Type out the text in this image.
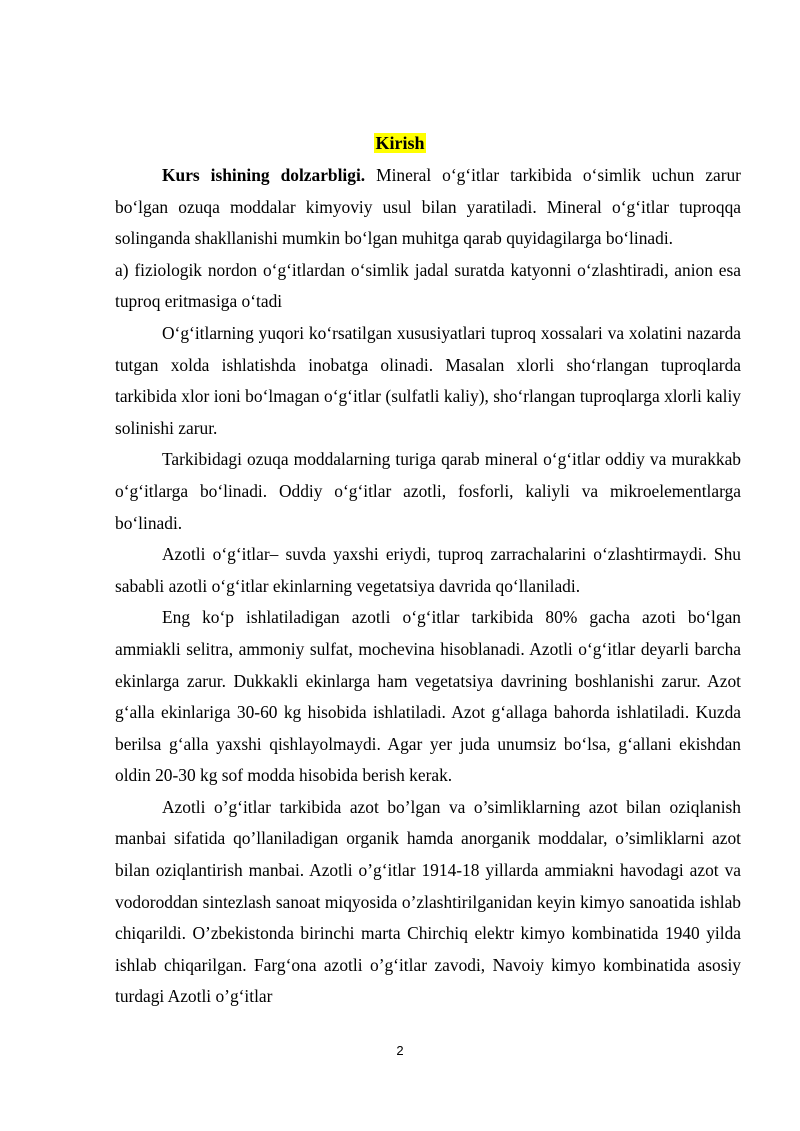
Kirish

Kurs ishining dolzarbligi. Mineral o‘g‘itlar tarkibida o‘simlik uchun zarur bo‘lgan ozuqa moddalar kimyoviy usul bilan yaratiladi. Mineral o‘g‘itlar tuproqqa solinganda shakllanishi mumkin bo‘lgan muhitga qarab quyidagilarga bo‘linadi.

a) fiziologik nordon o‘g‘itlardan o‘simlik jadal suratda katyonni o‘zlashtiradi, anion esa tuproq eritmasiga o‘tadi

O‘g‘itlarning yuqori ko‘rsatilgan xususiyatlari tuproq xossalari va xolatini nazarda tutgan xolda ishlatishda inobatga olinadi. Masalan xlorli sho‘rlangan tuproqlarda tarkibida xlor ioni bo‘lmagan o‘g‘itlar (sulfatli kaliy), sho‘rlangan tuproqlarga xlorli kaliy solinishi zarur.

Tarkibidagi ozuqa moddalarning turiga qarab mineral o‘g‘itlar oddiy va murakkab o‘g‘itlarga bo‘linadi. Oddiy o‘g‘itlar azotli, fosforli, kaliyli va mikroelementlarga bo‘linadi.

Azotli o‘g‘itlar– suvda yaxshi eriydi, tuproq zarrachalarini o‘zlashtirmaydi. Shu sababli azotli o‘g‘itlar ekinlarning vegetatsiya davrida qo‘llaniladi.

Eng ko‘p ishlatiladigan azotli o‘g‘itlar tarkibida 80% gacha azoti bo‘lgan ammiakli selitra, ammoniy sulfat, mochevina hisoblanadi. Azotli o‘g‘itlar deyarli barcha ekinlarga zarur. Dukkakli ekinlarga ham vegetatsiya davrining boshlanishi zarur. Azot g‘alla ekinlariga 30-60 kg hisobida ishlatiladi. Azot g‘allaga bahorda ishlatiladi. Kuzda berilsa g‘alla yaxshi qishlayolmaydi. Agar yer juda unumsiz bo‘lsa, g‘allani ekishdan oldin 20-30 kg sof modda hisobida berish kerak.

Azotli o’g‘itlar tarkibida azot bo’lgan va o’simliklarning azot bilan oziqlanish manbai sifatida qo’llaniladigan organik hamda anorganik moddalar, o’simliklarni azot bilan oziqlantirish manbai. Azotli o’g‘itlar 1914-18 yillarda ammiakni havodagi azot va vodoroddan sintezlash sanoat miqyosida o’zlashtirilganidan keyin kimyo sanoatida ishlab chiqarildi. O’zbekistonda birinchi marta Chirchiq elektr kimyo kombinatida 1940 yilda ishlab chiqarilgan. Farg‘ona azotli o’g‘itlar zavodi, Navoiy kimyo kombinatida asosiy turdagi Azotli o’g‘itlar

2
